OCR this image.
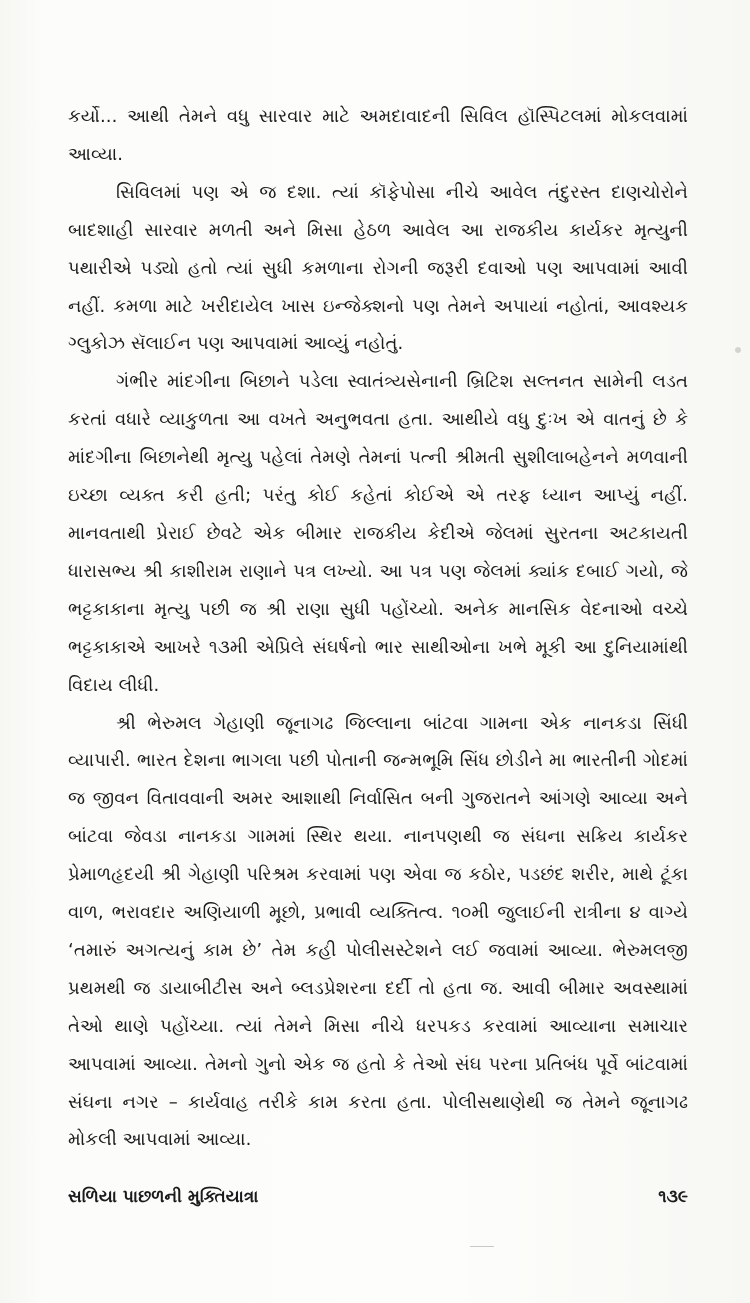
કર્યો... આથી તેમને વધુ સારવાર માટે અમદાવાદની સિવિલ હૉસ્પિટલમાં મોકલવામાં આવ્યા.

સિવિલમાં પણ એ જ દશા. ત્યાં કૉફેપોસા નીચે આવેલ તંદુરસ્ત દાણચોરોને બાદશાહી સારવાર મળતી અને મિસા હેઠળ આવેલ આ રાજકીય કાર્યકર મૃત્યુની પથારીએ પડ્યો હતો ત્યાં સુધી કમળાના રોગની જરૂરી દવાઓ પણ આપવામાં આવી નહીં. કમળા માટે ખરીદાયેલ ખાસ ઇન્જેક્શનો પણ તેમને અપાયાં નહોતાં, આવશ્યક ગ્લુકોઝ સૅલાઈન પણ આપવામાં આવ્યું નહોતું.

ગંભીર માંદગીના બિછાને પડેલા સ્વાતંત્ર્યસેનાની બ્રિટિશ સલ્તનત સામેની લડત કરતાં વધારે વ્યાકુળતા આ વખતે અનુભવતા હતા. આથીયે વધુ દુઃખ એ વાતનું છે કે માંદગીના બિછાનેથી મૃત્યુ પહેલાં તેમણે તેમનાં પત્ની શ્રીમતી સુશીલાબહેનને મળવાની ઇચ્છા વ્યક્ત કરી હતી; પરંતુ કોઈ કહેતાં કોઈએ એ તરફ ધ્યાન આપ્યું નહીં. માનવતાથી પ્રેરાઈ છેવટે એક બીમાર રાજકીય કેદીએ જેલમાં સુરતના અટકાયતી ધારાસભ્ય શ્રી કાશીરામ રાણાને પત્ર લખ્યો. આ પત્ર પણ જેલમાં ક્યાંક દબાઈ ગયો, જે ભટ્ટકાકાના મૃત્યુ પછી જ શ્રી રાણા સુધી પહોંચ્યો. અનેક માનસિક વેદનાઓ વચ્ચે ભટ્ટકાકાએ આખરે ૧૩મી એપ્રિલે સંઘર્ષનો ભાર સાથીઓના ખભે મૂકી આ દુનિયામાંથી વિદાય લીધી.

શ્રી ભેરુમલ ગેહાણી જૂનાગઢ જિલ્લાના બાંટવા ગામના એક નાનકડા સિંધી વ્યાપારી. ભારત દેશના ભાગલા પછી પોતાની જન્મભૂમિ સિંધ છોડીને મા ભારતીની ગોદમાં જ જીવન વિતાવવાની અમર આશાથી નિર્વાસિત બની ગુજરાતને આંગણે આવ્યા અને બાંટવા જેવડા નાનકડા ગામમાં સ્થિર થયા. નાનપણથી જ સંઘના સક્રિય કાર્યકર પ્રેમાળહૃદયી શ્રી ગેહાણી પરિશ્રમ કરવામાં પણ એવા જ કઠોર, પડછંદ શરીર, માથે ટૂંકા વાળ, ભરાવદાર અણિયાળી મૂછો, પ્રભાવી વ્યક્તિત્વ. ૧૦મી જુલાઈની રાત્રીના ૪ વાગ્યે ‘તમારું અગત્યનું કામ છે’ તેમ કહી પોલીસસ્ટેશને લઈ જવામાં આવ્યા. ભેરુમલજી પ્રથમથી જ ડાયાબીટીસ અને બ્લડપ્રેશરના દર્દી તો હતા જ. આવી બીમાર અવસ્થામાં તેઓ થાણે પહોંચ્યા. ત્યાં તેમને મિસા નીચે ધરપકડ કરવામાં આવ્યાના સમાચાર આપવામાં આવ્યા. તેમનો ગુનો એક જ હતો કે તેઓ સંઘ પરના પ્રતિબંધ પૂર્વે બાંટવામાં સંઘના નગર – કાર્યવાહ તરીકે કામ કરતા હતા. પોલીસથાણેથી જ તેમને જૂનાગઢ મોકલી આપવામાં આવ્યા.

સળિયા પાછળની મુક્તિયાત્રા	૧૩૯
